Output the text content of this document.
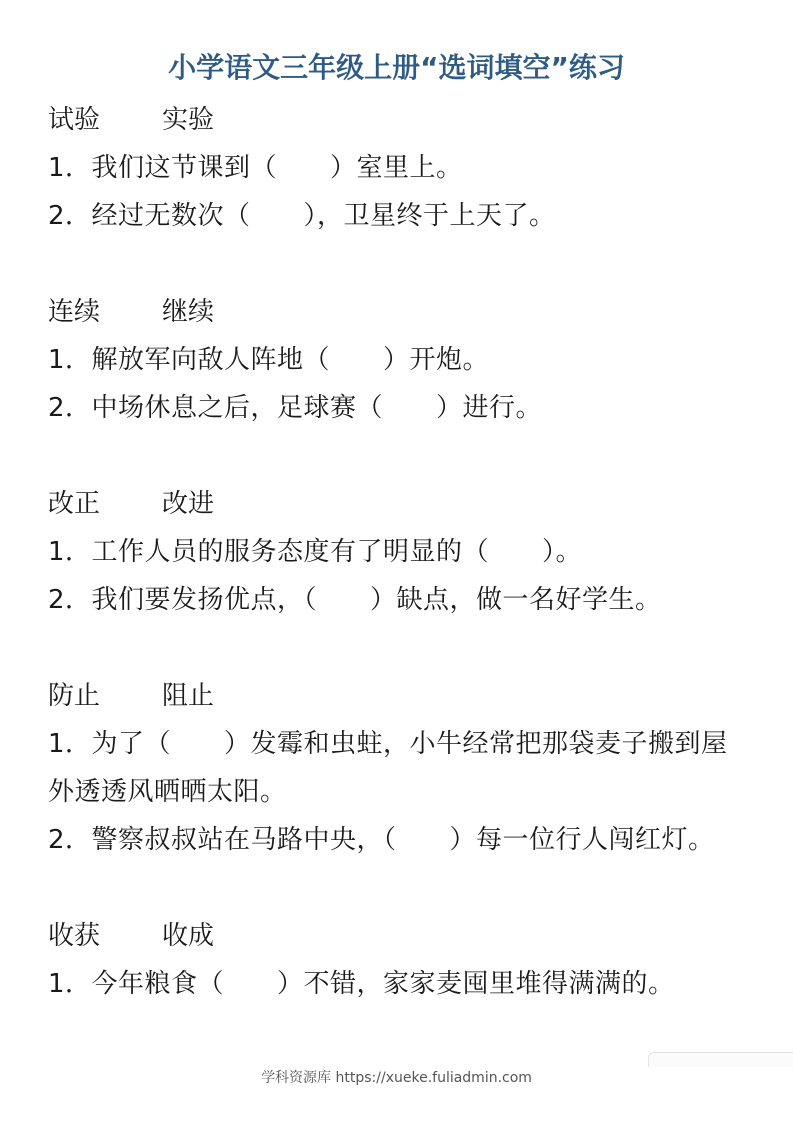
小学语文三年级上册“选词填空”练习
试验 实验

1．我们这节课到（　　）室里上。

2．经过无数次（　　），卫星终于上天了。

连续 继续

1．解放军向敌人阵地（　　）开炮。

2．中场休息之后，足球赛（　　）进行。

改正 改进

1．工作人员的服务态度有了明显的（　　）。

2．我们要发扬优点，（　　）缺点，做一名好学生。

防止 阻止

1．为了（　　）发霉和虫蛀，小牛经常把那袋麦子搬到屋外透透风晒晒太阳。

2．警察叔叔站在马路中央，（　　）每一位行人闯红灯。

收获 收成

1．今年粮食（　　）不错，家家麦囤里堆得满满的。

学科资源库 https://xueke.fuliadmin.com
